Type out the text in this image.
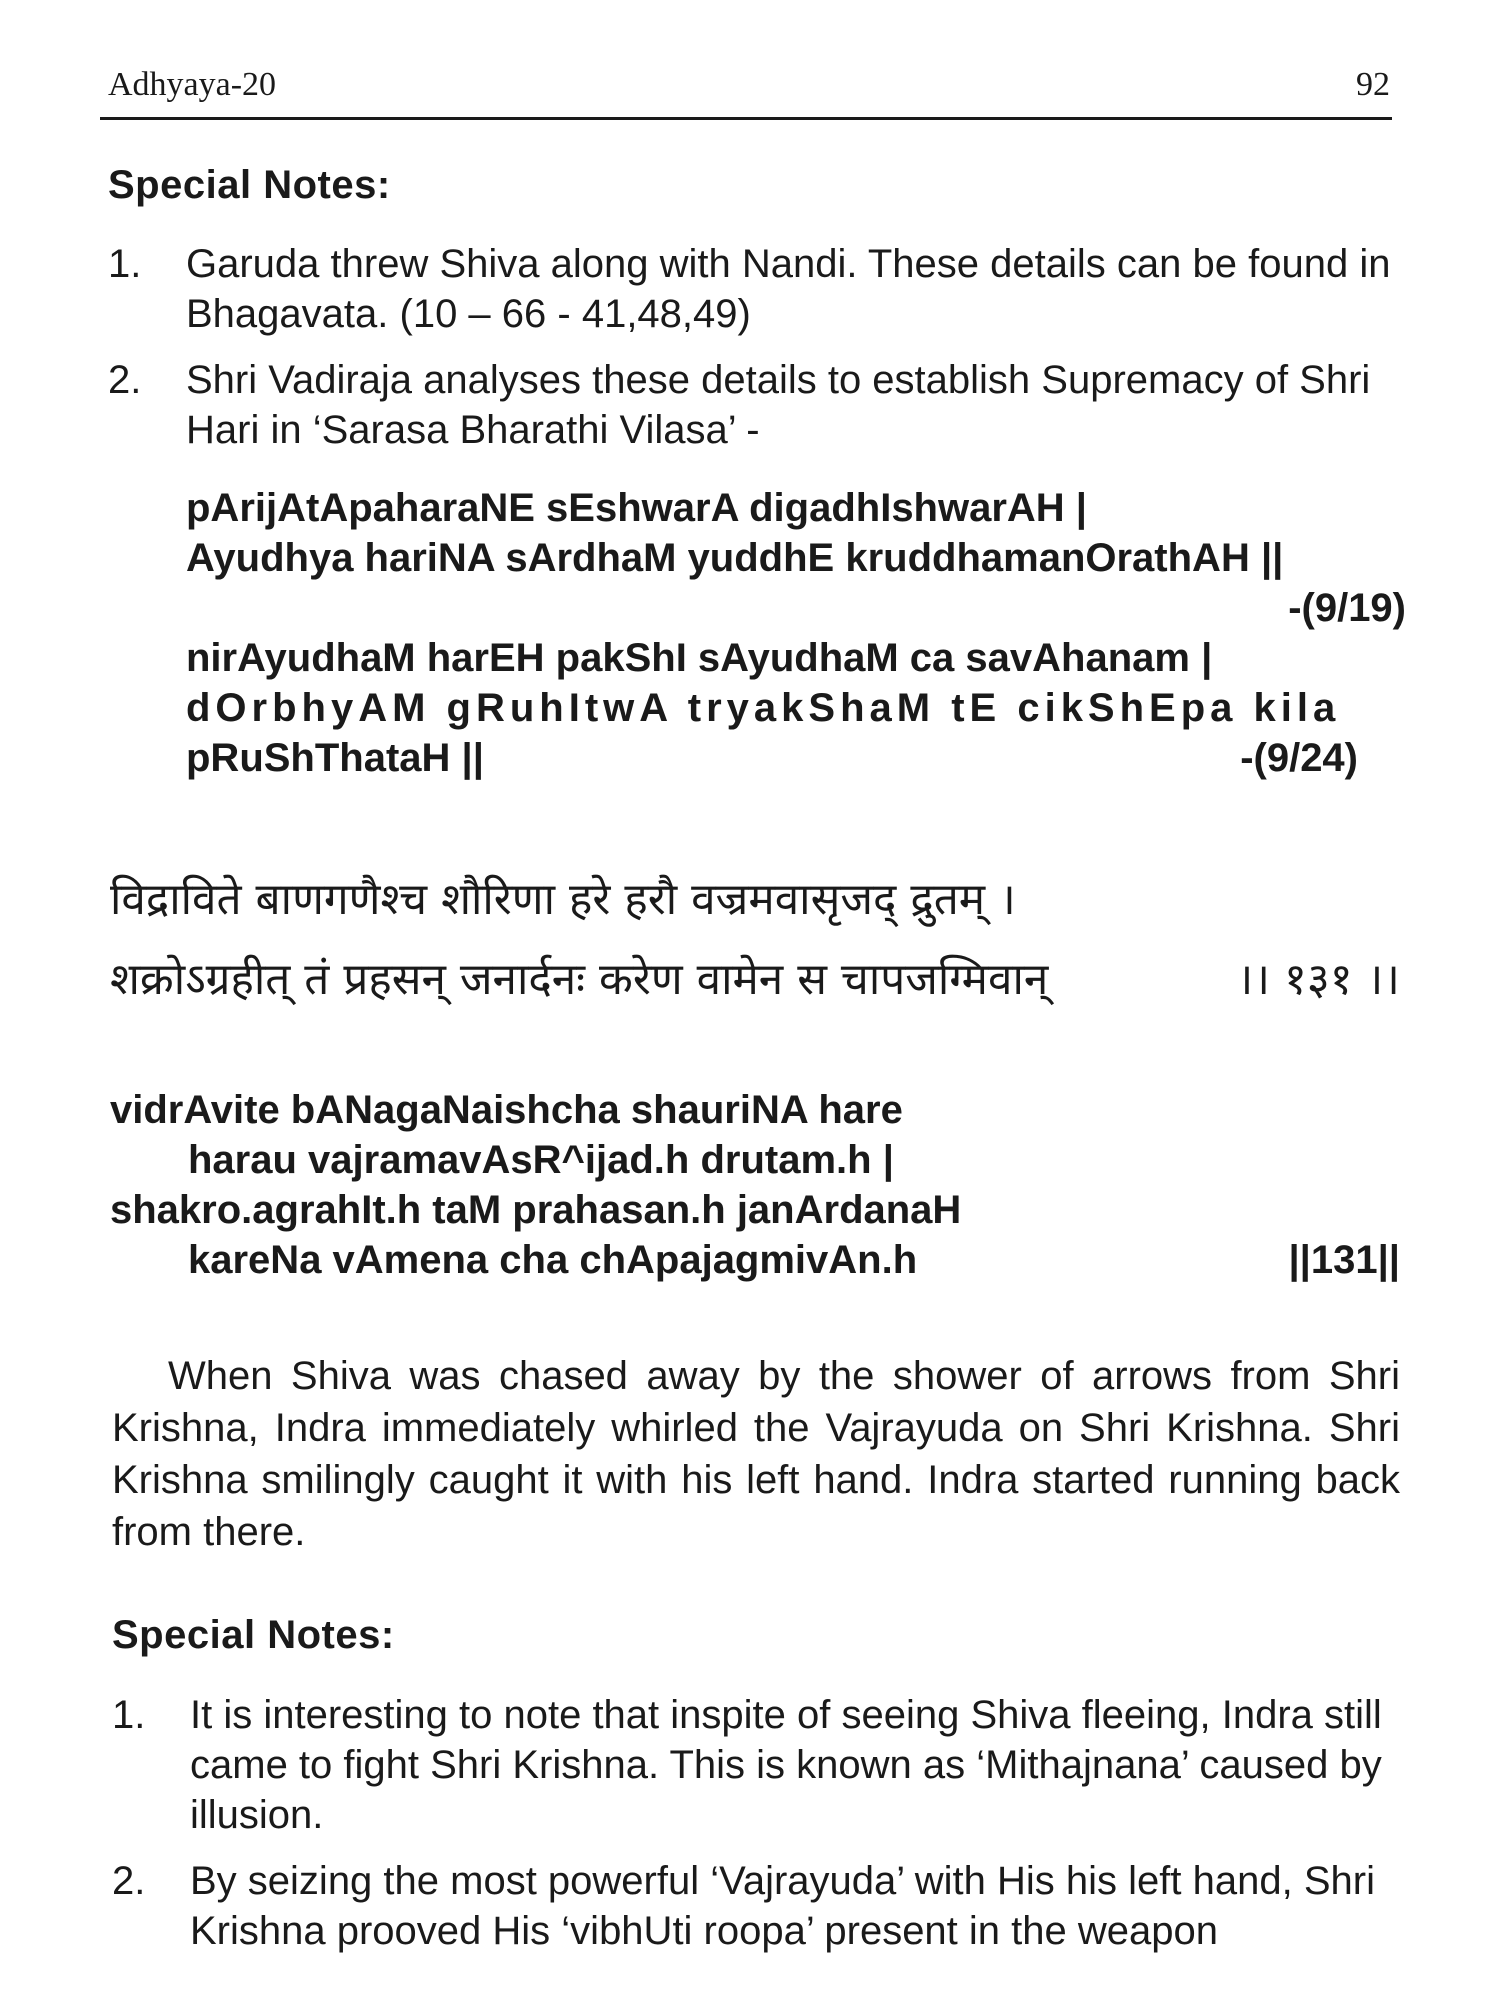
Adhyaya-20	92
Special Notes:
1.	Garuda threw Shiva along with Nandi. These details can be found in Bhagavata. (10 – 66 - 41,48,49)
2.	Shri Vadiraja analyses these details to establish Supremacy of Shri Hari in ‘Sarasa Bharathi Vilasa’ -
pArijAtApaharaNE sEshwarA digadhIshwarAH |
Ayudhya hariNA sArdhaM yuddhE kruddhamanOrathAH ||
-(9/19)
nirAyudhaM harEH pakShI sAyudhaM ca savAhanam |
dOrbhyAM gRuhItwA tryakShaM tE cikShEpa kila
pRuShThataH ||	-(9/24)
विद्राविते बाणगणैश्च शौरिणा हरे हरौ वज्रमवासृजद् द्रुतम् ।
शक्रोऽग्रहीत् तं प्रहसन् जनार्दनः करेण वामेन स चापजग्मिवान्	।। १३१ ।।
vidrAvite bANagaNaishcha shauriNA hare
harau vajramavAsR^ijad.h drutam.h |
shakro.agrahIt.h taM prahasan.h janArdanaH
kareNa vAmena cha chApajagmivAn.h	||131||
When Shiva was chased away by the shower of arrows from Shri Krishna, Indra immediately whirled the Vajrayuda on Shri Krishna. Shri Krishna smilingly caught it with his left hand. Indra started running back from there.
Special Notes:
1.	It is interesting to note that inspite of seeing Shiva fleeing, Indra still came to fight Shri Krishna. This is known as ‘Mithajnana’ caused by illusion.
2.	By seizing the most powerful ‘Vajrayuda’ with His his left hand, Shri Krishna prooved His ‘vibhUti roopa’ present in the weapon
